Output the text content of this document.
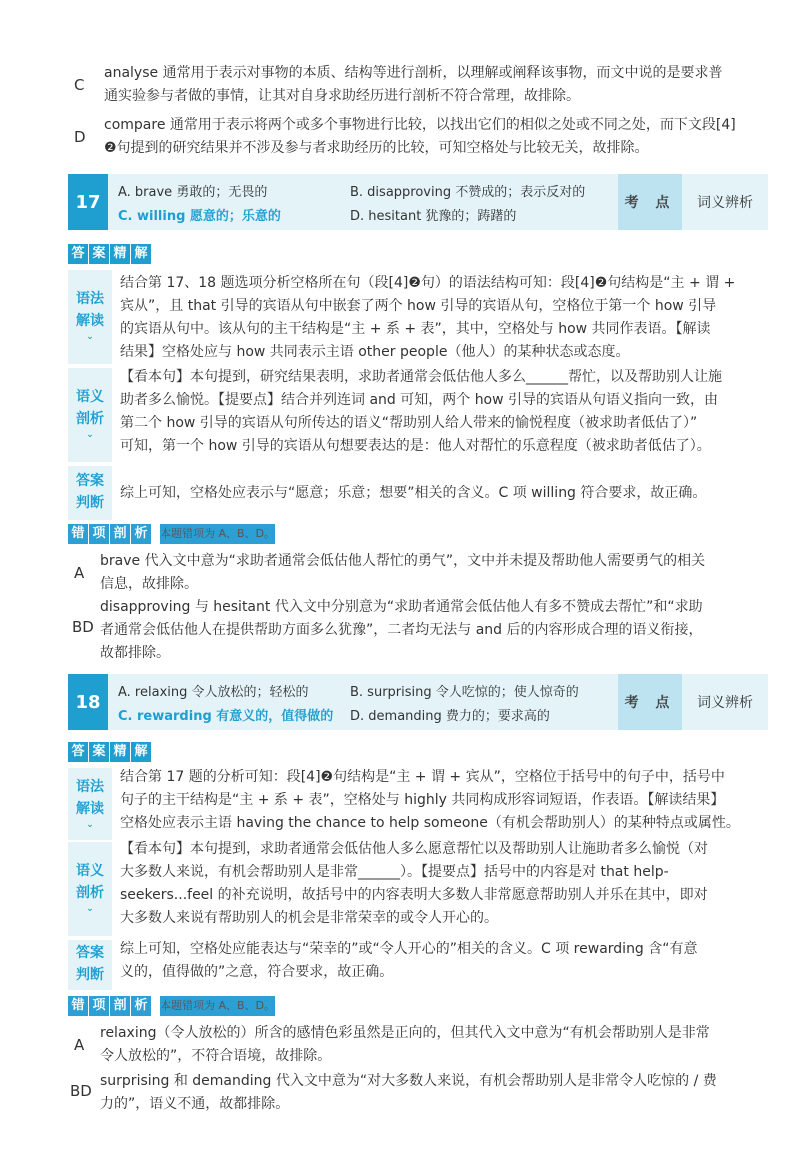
C
analyse 通常用于表示对事物的本质、结构等进行剖析，以理解或阐释该事物，而文中说的是要求普
通实验参与者做的事情，让其对自身求助经历进行剖析不符合常理，故排除。
D
compare 通常用于表示将两个或多个事物进行比较，以找出它们的相似之处或不同之处，而下文段[4]
❷句提到的研究结果并不涉及参与者求助经历的比较，可知空格处与比较无关，故排除。
17	A. brave 勇敢的；无畏的	B. disapproving 不赞成的；表示反对的
C. willing 愿意的；乐意的	D. hesitant 犹豫的；踌躇的
考 点	词义辨析
答 案 精 解
语法
解读
⌄
结合第 17、18 题选项分析空格所在句（段[4]❷句）的语法结构可知：段[4]❷句结构是“主 + 谓 +
宾从”，且 that 引导的宾语从句中嵌套了两个 how 引导的宾语从句，空格位于第一个 how 引导
的宾语从句中。该从句的主干结构是“主 + 系 + 表”，其中，空格处与 how 共同作表语。【解读
结果】空格处应与 how 共同表示主语 other people（他人）的某种状态或态度。
语义
剖析
⌄
【看本句】本句提到，研究结果表明，求助者通常会低估他人多么______帮忙，以及帮助别人让施
助者多么愉悦。【提要点】结合并列连词 and 可知，两个 how 引导的宾语从句语义指向一致，由
第二个 how 引导的宾语从句所传达的语义“帮助别人给人带来的愉悦程度（被求助者低估了）”
可知，第一个 how 引导的宾语从句想要表达的是：他人对帮忙的乐意程度（被求助者低估了）。
答案
判断
综上可知，空格处应表示与“愿意；乐意；想要”相关的含义。C 项 willing 符合要求，故正确。
错 项 剖 析	本题错项为 A、B、D。
A
brave 代入文中意为“求助者通常会低估他人帮忙的勇气”，文中并未提及帮助他人需要勇气的相关
信息，故排除。
BD
disapproving 与 hesitant 代入文中分别意为“求助者通常会低估他人有多不赞成去帮忙”和“求助
者通常会低估他人在提供帮助方面多么犹豫”，二者均无法与 and 后的内容形成合理的语义衔接，
故都排除。
18	A. relaxing 令人放松的；轻松的	B. surprising 令人吃惊的；使人惊奇的
C. rewarding 有意义的，值得做的 D. demanding 费力的；要求高的
考 点	词义辨析
答 案 精 解
语法
解读
⌄
结合第 17 题的分析可知：段[4]❷句结构是“主 + 谓 + 宾从”，空格位于括号中的句子中，括号中
句子的主干结构是“主 + 系 + 表”，空格处与 highly 共同构成形容词短语，作表语。【解读结果】
空格处应表示主语 having the chance to help someone（有机会帮助别人）的某种特点或属性。
语义
剖析
⌄
【看本句】本句提到，求助者通常会低估他人多么愿意帮忙以及帮助别人让施助者多么愉悦（对
大多数人来说，有机会帮助别人是非常______）。【提要点】括号中的内容是对 that help-
seekers...feel 的补充说明，故括号中的内容表明大多数人非常愿意帮助别人并乐在其中，即对
大多数人来说有帮助别人的机会是非常荣幸的或令人开心的。
答案
判断
综上可知，空格处应能表达与“荣幸的”或“令人开心的”相关的含义。C 项 rewarding 含“有意
义的，值得做的”之意，符合要求，故正确。
错 项 剖 析	本题错项为 A、B、D。
A
relaxing（令人放松的）所含的感情色彩虽然是正向的，但其代入文中意为“有机会帮助别人是非常
令人放松的”，不符合语境，故排除。
BD
surprising 和 demanding 代入文中意为“对大多数人来说，有机会帮助别人是非常令人吃惊的 / 费
力的”，语义不通，故都排除。
